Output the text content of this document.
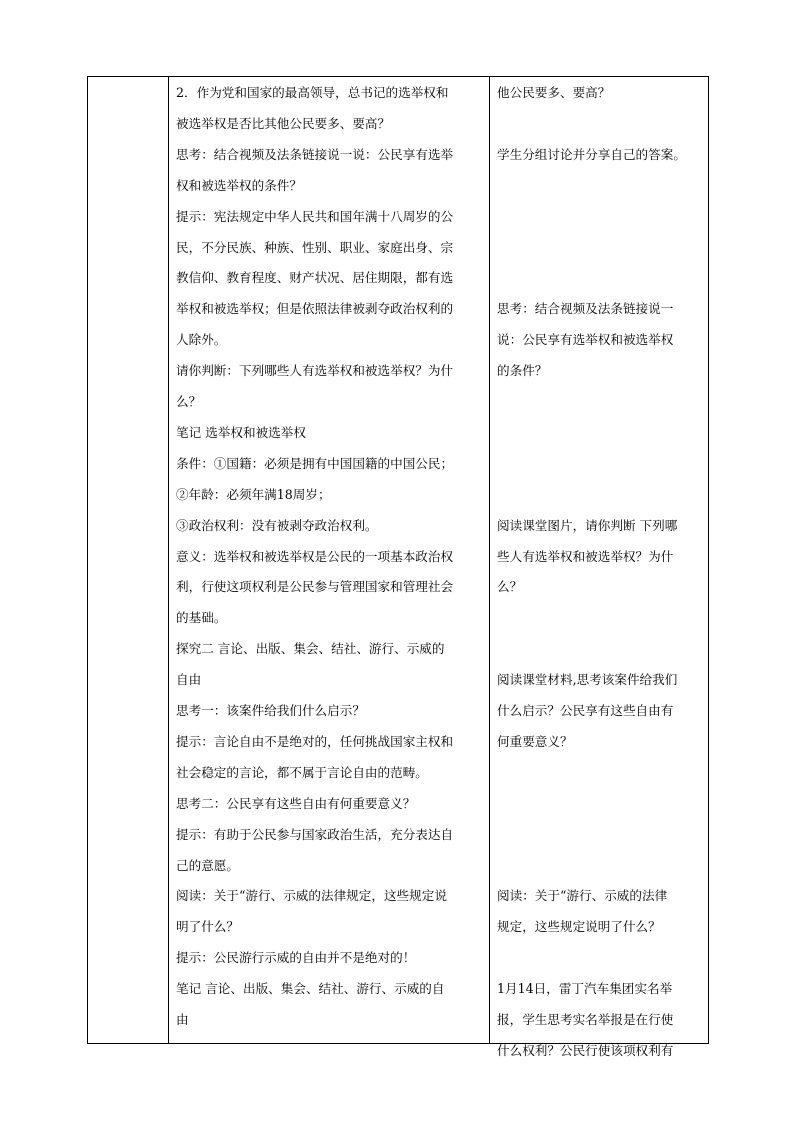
2．作为党和国家的最高领导，总书记的选举权和
被选举权是否比其他公民要多、要高？
思考：结合视频及法条链接说一说：公民享有选举
权和被选举权的条件？
提示：宪法规定中华人民共和国年满十八周岁的公
民，不分民族、种族、性别、职业、家庭出身、宗
教信仰、教育程度、财产状况、居住期限，都有选
举权和被选举权；但是依照法律被剥夺政治权利的
人除外。
请你判断：下列哪些人有选举权和被选举权？为什
么？
笔记 选举权和被选举权
条件：①国籍：必须是拥有中国国籍的中国公民；
②年龄：必须年满18周岁；
③政治权利：没有被剥夺政治权利。
意义：选举权和被选举权是公民的一项基本政治权
利，行使这项权利是公民参与管理国家和管理社会
的基础。
探究二 言论、出版、集会、结社、游行、示威的
自由
思考一：该案件给我们什么启示？
提示：言论自由不是绝对的，任何挑战国家主权和
社会稳定的言论，都不属于言论自由的范畴。
思考二：公民享有这些自由有何重要意义？
提示：有助于公民参与国家政治生活，充分表达自
己的意愿。
阅读：关于“游行、示威的法律规定，这些规定说
明了什么？
提示：公民游行示威的自由并不是绝对的！
笔记 言论、出版、集会、结社、游行、示威的自
由

他公民要多、要高？
学生分组讨论并分享自己的答案。
思考：结合视频及法条链接说一
说：公民享有选举权和被选举权
的条件？
阅读课堂图片，请你判断 下列哪
些人有选举权和被选举权？为什
么？
阅读课堂材料,思考该案件给我们
什么启示？公民享有这些自由有
何重要意义？
阅读：关于“游行、示威的法律
规定，这些规定说明了什么？
1月14日，雷丁汽车集团实名举
报，学生思考实名举报是在行使
什么权利？公民行使该项权利有
